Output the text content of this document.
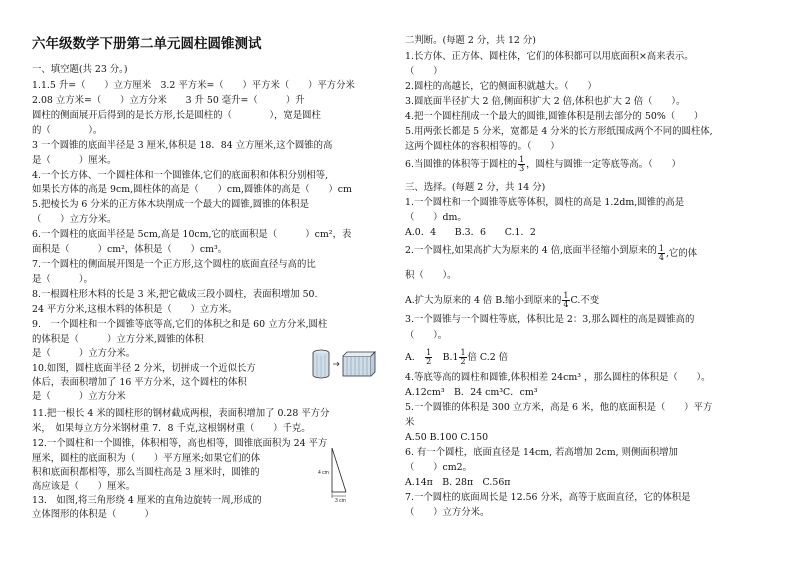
六年级数学下册第二单元圆柱圆锥测试
一、填空题(共 23 分。)
1.1.5 升=（　　）立方厘米　3.2 平方米=（　　）平方米（　　）平方分米
2.08 立方米=（　　）立方分米　　3 升 50 毫升=（　　　）升
圆柱的侧面展开后得到的是长方形,长是圆柱的（　　　　），宽是圆柱
的（　　　　）。
3 一个圆锥的底面半径是 3 厘米,体积是 18．84 立方厘米,这个圆锥的高
是（　　　）厘米。
4.一个长方体、一个圆柱体和一个圆锥体,它们的底面积和体积分别相等,
如果长方体的高是 9cm,圆柱体的高是（　　）cm,圆锥体的高是（　　）cm
5.把棱长为 6 分米的正方体木块削成一个最大的圆锥,圆锥的体积是
（　　）立方分米。
6.一个圆柱的底面半径是 5cm,高是 10cm,它的底面积是（　　　）cm²，表
面积是（　　　）cm²，体积是（　　）cm³。
7.一个圆柱的侧面展开图是一个正方形,这个圆柱的底面直径与高的比
是（　　　）。
8.一根圆柱形木料的长是 3 米,把它截成三段小圆柱，表面积增加 50.
24 平方分米,这根木料的体积是（　　）立方米。
9.　一个圆柱和一个圆锥等底等高,它们的体积之和是 60 立方分米,圆柱
的体积是（　　　）立方分米,圆锥的体积
是（　　　）立方分米。
10.如图，圆柱底面半径 2 分米，切拼成一个近似长方
体后，表面积增加了 16 平方分米，这个圆柱的体积
是（　　　）立方分米
11.把一根长 4 米的圆柱形的钢材截成两根，表面积增加了 0.28 平方分
米，　如果每立方分米钢材重 7．8 千克,这根钢材重（　　）千克。
12.一个圆柱和一个圆锥，体积相等，高也相等，圆锥底面积为 24 平方
厘米，圆柱的底面积为（　　）平方厘米;如果它们的体
积和底面积都相等，那么当圆柱高是 3 厘米时，圆锥的
高应该是（　　）厘米。
13.　如图,将三角形绕 4 厘米的直角边旋转一周,形成的
立体图形的体积是（　　　）
4 cm
3 cm
二判断。(每题 2 分，共 12 分)
1.长方体、正方体、圆柱体，它们的体积都可以用底面积×高来表示。
（　　）
2.圆柱的高越长，它的侧面积就越大。（　　）
3.圆底面半径扩大 2 倍,侧面积扩大 2 倍,体积也扩大 2 倍（　　）。
4.把一个圆柱削成一个最大的圆锥,圆锥体积是削去部分的 50%（　　）
5.用两张长都是 5 分米，宽都是 4 分米的长方形纸围成两个不同的圆柱体,
这两个圆柱体的容积相等的。（　　）
6.当圆锥的体积等于圆柱的 $\frac{1}{3}$ ，圆柱与圆锥一定等底等高。（　　）
三、选择。(每题 2 分，共 14 分)
1.一个圆柱和一个圆锥等底等体积，圆柱的高是 1.2dm,圆锥的高是
（　　）dm。
A.0．4　　B.3．6　　C.1．2
2.一个圆柱,如果高扩大为原来的 4 倍,底面半径缩小到原来的 $\frac{1}{4}$ ,它的体
积（　　）。
A.扩大为原来的 4 倍 B.缩小到原来的 $\frac{1}{4} C$.不变
3.一个圆锥与一个圆柱等底，体积比是 2：3,那么圆柱的高是圆锥高的
（　　）。
A.  $\frac{1}{2}$
  $B.1 \frac{1}{2}$ 倍 C.2 倍
4.等底等高的圆柱和圆锥,体积相差 24cm³ ，那么圆柱的体积是（　　）。
A.12cm³　B．24 cm³C．cm³
5.一个圆锥的体积是 300 立方米，高是 6 米，他的底面积是（　　）平方
米
A.50 B.100 C.150
6. 有一个圆柱，底面直径是 14cm, 若高增加 2cm, 则侧面积增加
（　　）cm2。
A.14π　B. 28π　C.56π
7.一个圆柱的底面周长是 12.56 分米，高等于底面直径，它的体积是
（　　）立方分米。
